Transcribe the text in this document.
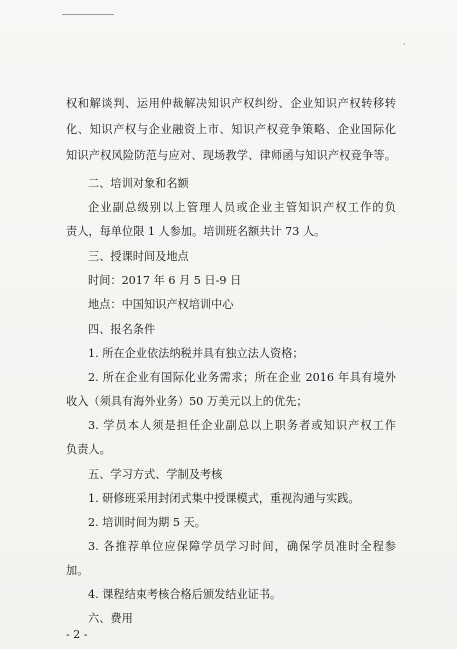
·
权和解谈判、运用仲裁解决知识产权纠纷、企业知识产权转移转
化、知识产权与企业融资上市、知识产权竞争策略、企业国际化
知识产权风险防范与应对、现场教学、律师函与知识产权竞争等。
二、培训对象和名额
企业副总级别以上管理人员或企业主管知识产权工作的负
责人，每单位限 1 人参加。培训班名额共计 73 人。
三、授课时间及地点
时间：2017 年 6 月 5 日-9 日
地点：中国知识产权培训中心
四、报名条件
1. 所在企业依法纳税并具有独立法人资格；
2. 所在企业有国际化业务需求；所在企业 2016 年具有境外
收入（须具有海外业务）50 万美元以上的优先；
3. 学员本人须是担任企业副总以上职务者或知识产权工作
负责人。
五、学习方式、学制及考核
1. 研修班采用封闭式集中授课模式，重视沟通与实践。
2. 培训时间为期 5 天。
3. 各推荐单位应保障学员学习时间，确保学员准时全程参
加。
4. 课程结束考核合格后颁发结业证书。
六、费用
- 2 -
